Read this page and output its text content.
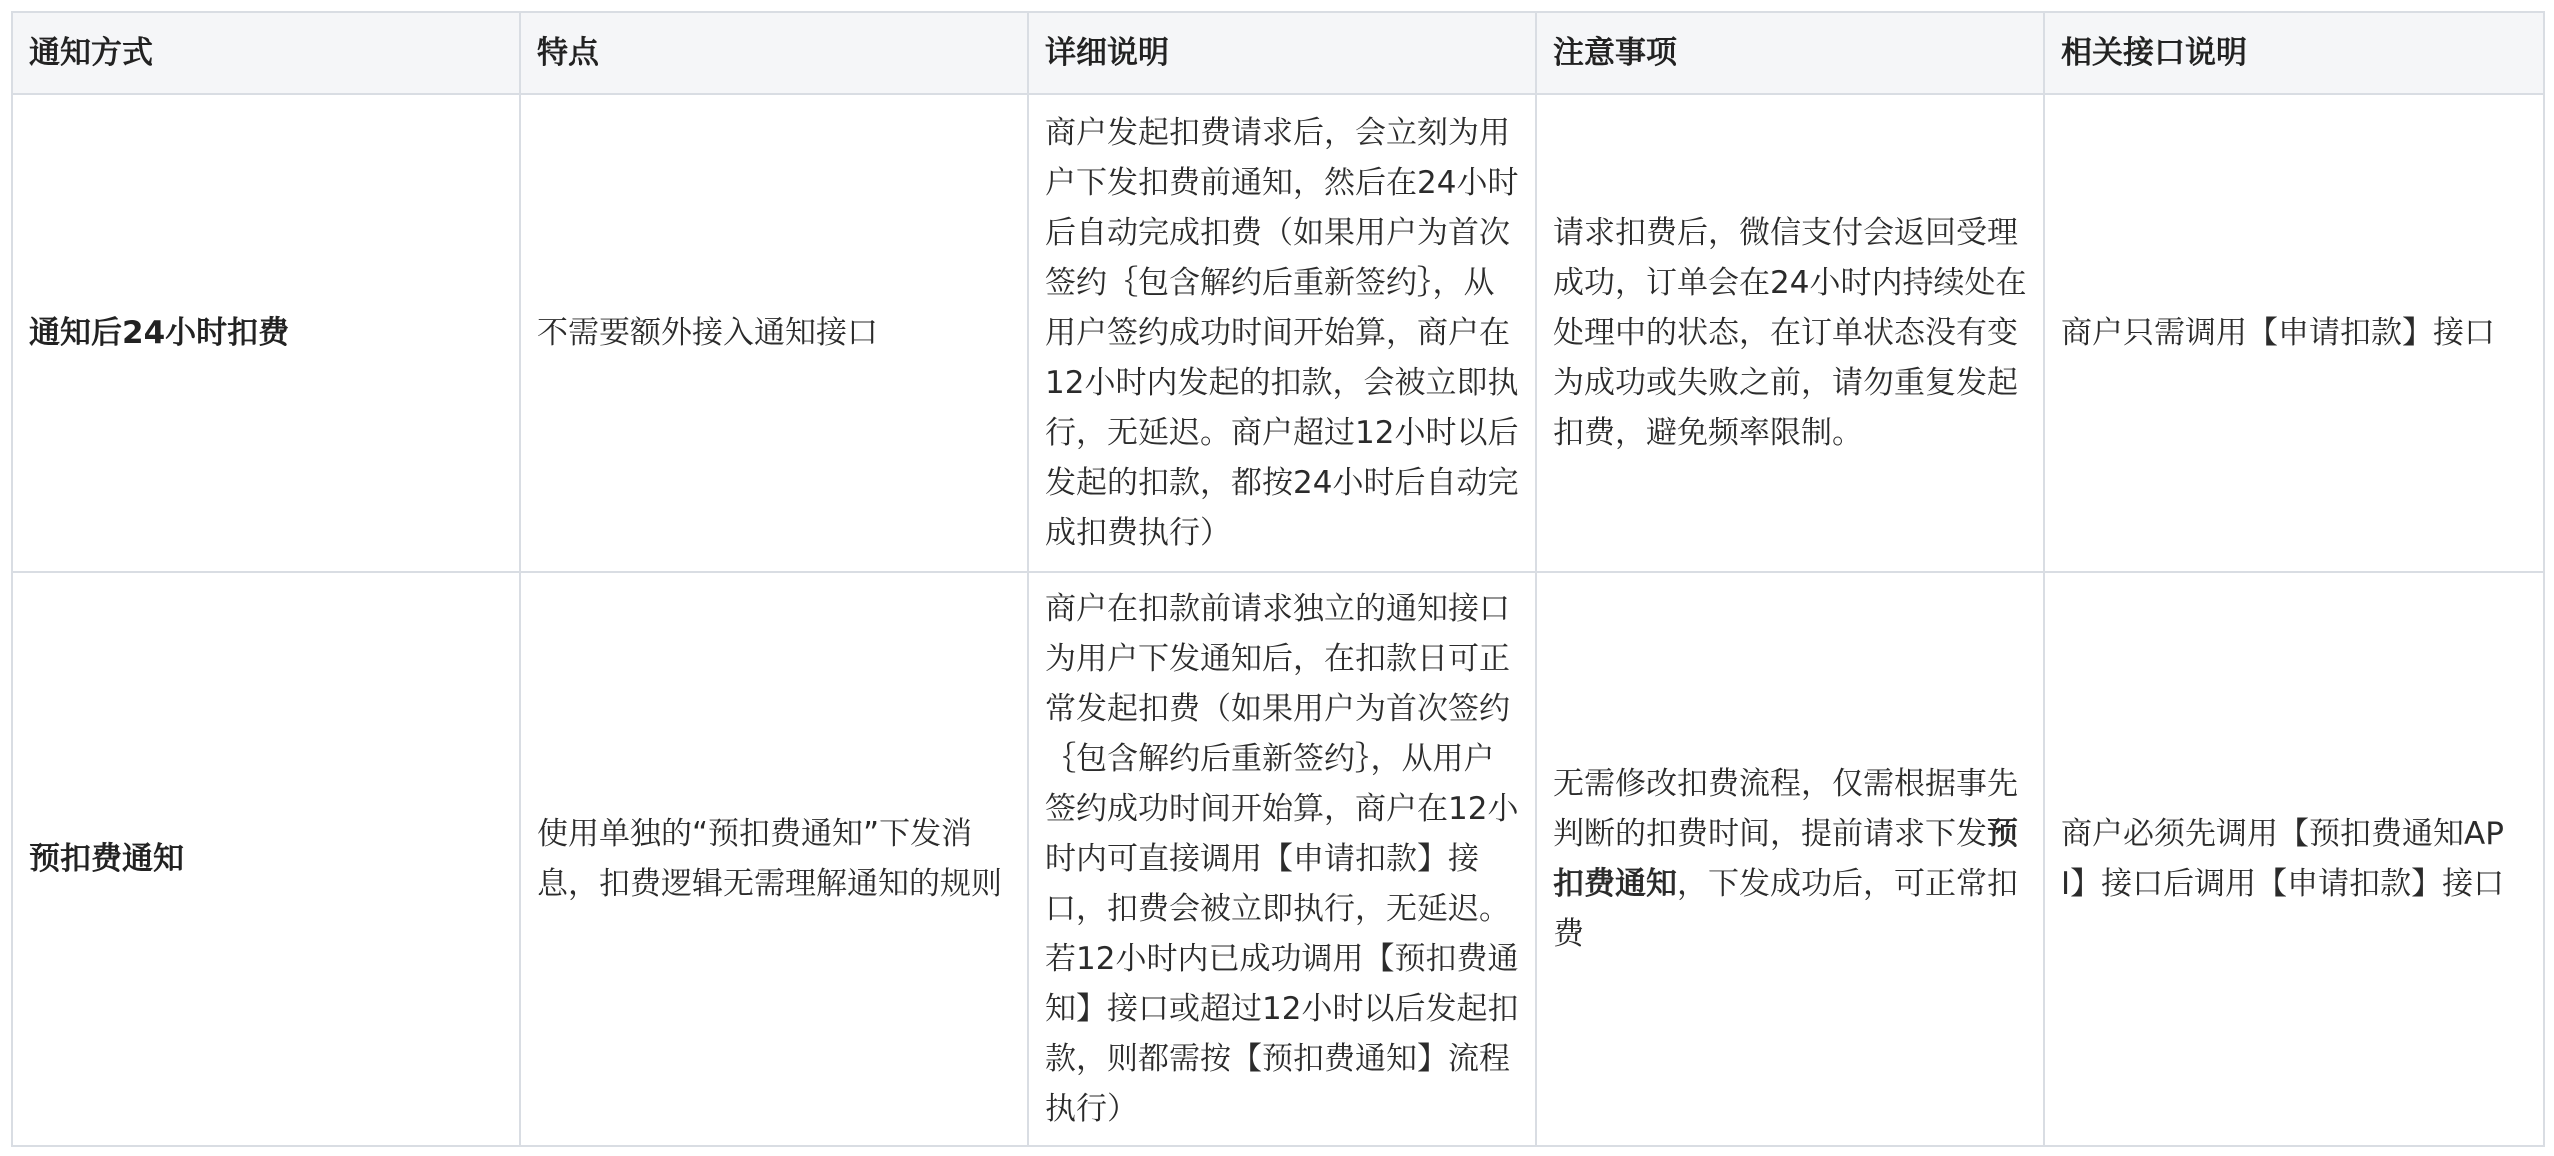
通知方式	特点	详细说明	注意事项	相关接口说明
通知后24小时扣费	不需要额外接入通知接口	商户发起扣费请求后，会立刻为用户下发扣费前通知，然后在24小时后自动完成扣费（如果用户为首次签约｛包含解约后重新签约｝，从用户签约成功时间开始算，商户在12小时内发起的扣款，会被立即执行，无延迟。商户超过12小时以后发起的扣款，都按24小时后自动完成扣费执行）	请求扣费后，微信支付会返回受理成功，订单会在24小时内持续处在处理中的状态，在订单状态没有变为成功或失败之前，请勿重复发起扣费，避免频率限制。	商户只需调用【申请扣款】接口
预扣费通知	使用单独的“预扣费通知”下发消息，扣费逻辑无需理解通知的规则	商户在扣款前请求独立的通知接口为用户下发通知后，在扣款日可正常发起扣费（如果用户为首次签约｛包含解约后重新签约｝，从用户签约成功时间开始算，商户在12小时内可直接调用【申请扣款】接口，扣费会被立即执行，无延迟。若12小时内已成功调用【预扣费通知】接口或超过12小时以后发起扣款，则都需按【预扣费通知】流程执行）	无需修改扣费流程，仅需根据事先判断的扣费时间，提前请求下发预扣费通知，下发成功后，可正常扣费	商户必须先调用【预扣费通知API】接口后调用【申请扣款】接口
